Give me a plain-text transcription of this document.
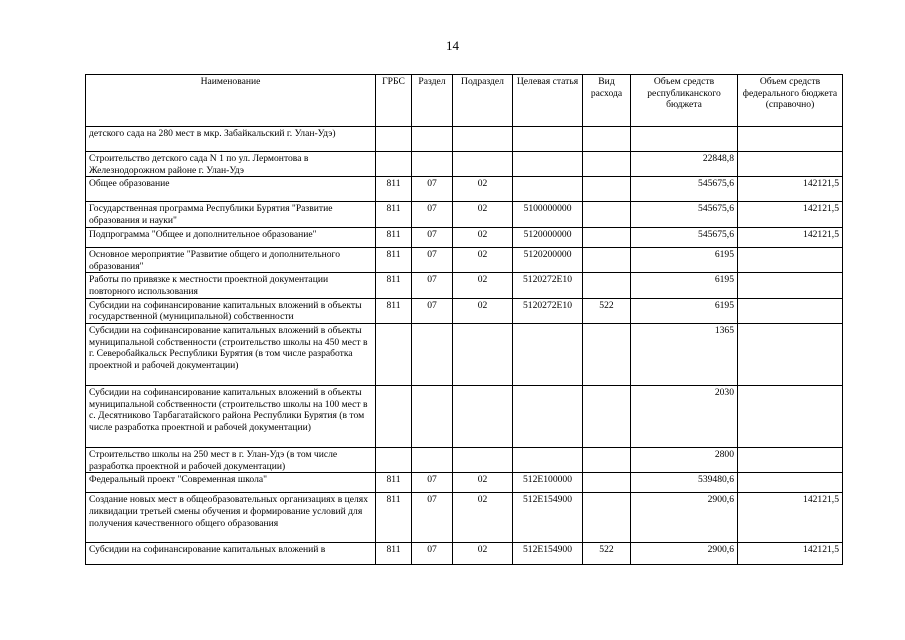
14
Наименование	ГРБС	Раздел	Подраздел	Целевая статья	Вид расхода	Объем средств республиканского бюджета	Объем средств федерального бюджета (справочно)
детского сада на 280 мест в мкр. Забайкальский г. Улан-Удэ)							
Строительство детского сада N 1 по ул. Лермонтова в Железнодорожном районе г. Улан-Удэ						22848,8	
Общее образование	811	07	02			545675,6	142121,5
Государственная программа Республики Бурятия "Развитие образования и науки"	811	07	02	5100000000		545675,6	142121,5
Подпрограмма "Общее и дополнительное образование"	811	07	02	5120000000		545675,6	142121,5
Основное мероприятие "Развитие общего и дополнительного образования"	811	07	02	5120200000		6195	
Работы по привязке к местности проектной документации повторного использования	811	07	02	5120272Е10		6195	
Субсидии на софинансирование капитальных вложений в объекты государственной (муниципальной) собственности	811	07	02	5120272Е10	522	6195	
Субсидии на софинансирование капитальных вложений в объекты муниципальной собственности (строительство школы на 450 мест в г. Северобайкальск Республики Бурятия (в том числе разработка проектной и рабочей документации)						1365	
Субсидии на софинансирование капитальных вложений в объекты муниципальной собственности (строительство школы на 100 мест в с. Десятниково Тарбагатайского района Республики Бурятия (в том числе разработка проектной и рабочей документации)						2030	
Строительство школы на 250 мест в г. Улан-Удэ (в том числе разработка проектной и рабочей документации)						2800	
Федеральный проект "Современная школа"	811	07	02	512Е100000		539480,6	
Создание новых мест в общеобразовательных организациях в целях ликвидации третьей смены обучения и формирование условий для получения качественного общего образования	811	07	02	512Е154900		2900,6	142121,5
Субсидии на софинансирование капитальных вложений в	811	07	02	512Е154900	522	2900,6	142121,5
